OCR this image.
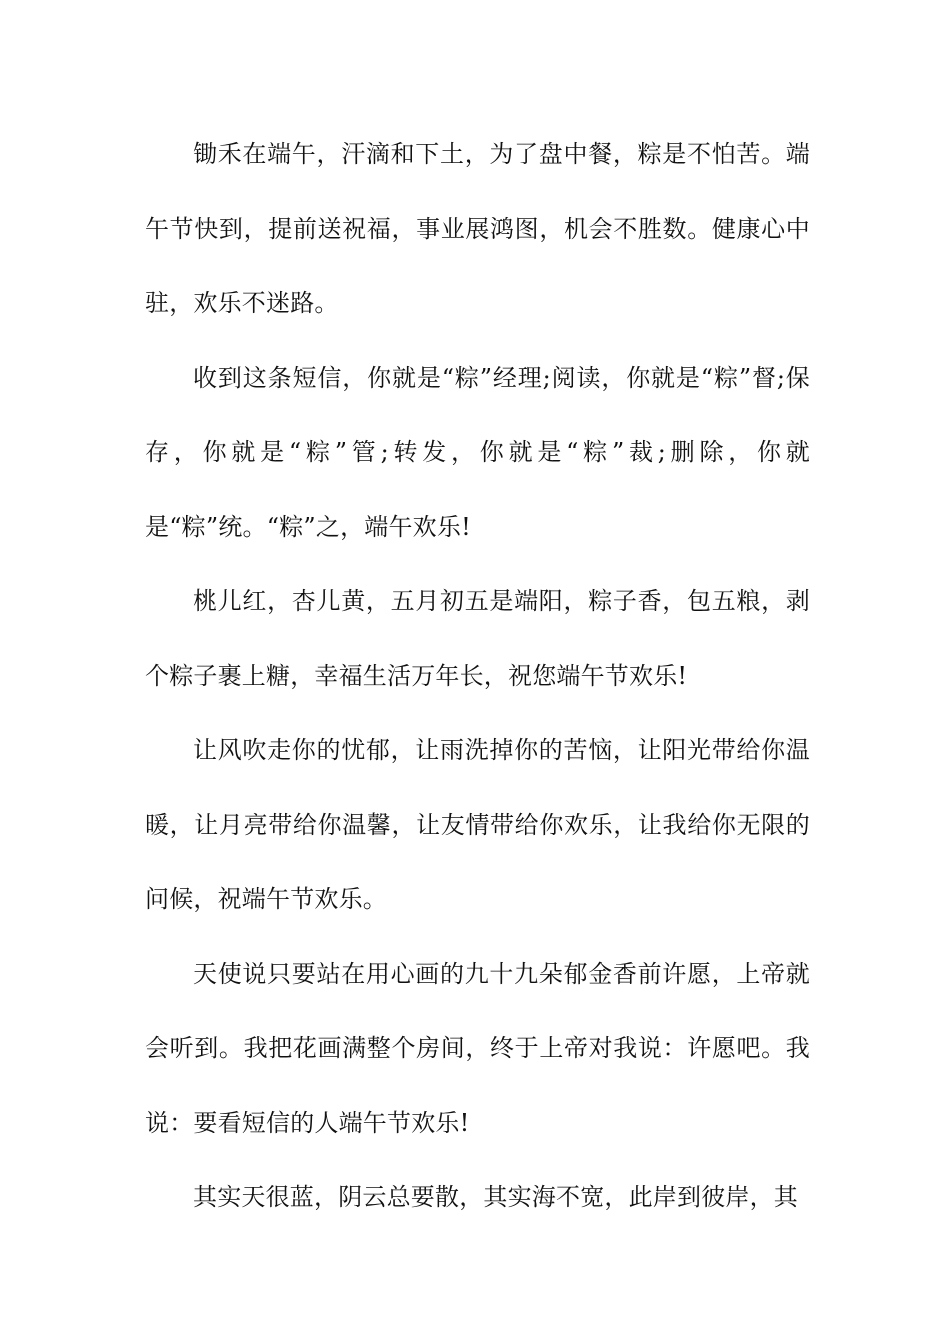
锄禾在端午，汗滴和下土，为了盘中餐，粽是不怕苦。端午节快到，提前送祝福，事业展鸿图，机会不胜数。健康心中驻，欢乐不迷路。

收到这条短信，你就是“粽”经理;阅读，你就是“粽”督;保存，你就是“粽”管;转发，你就是“粽”裁;删除，你就是“粽”统。“粽”之，端午欢乐!

桃儿红，杏儿黄，五月初五是端阳，粽子香，包五粮，剥个粽子裹上糖，幸福生活万年长，祝您端午节欢乐!

让风吹走你的忧郁，让雨洗掉你的苦恼，让阳光带给你温暖，让月亮带给你温馨，让友情带给你欢乐，让我给你无限的问候，祝端午节欢乐。

天使说只要站在用心画的九十九朵郁金香前许愿，上帝就会听到。我把花画满整个房间，终于上帝对我说：许愿吧。我说：要看短信的人端午节欢乐!

其实天很蓝，阴云总要散，其实海不宽，此岸到彼岸，其
